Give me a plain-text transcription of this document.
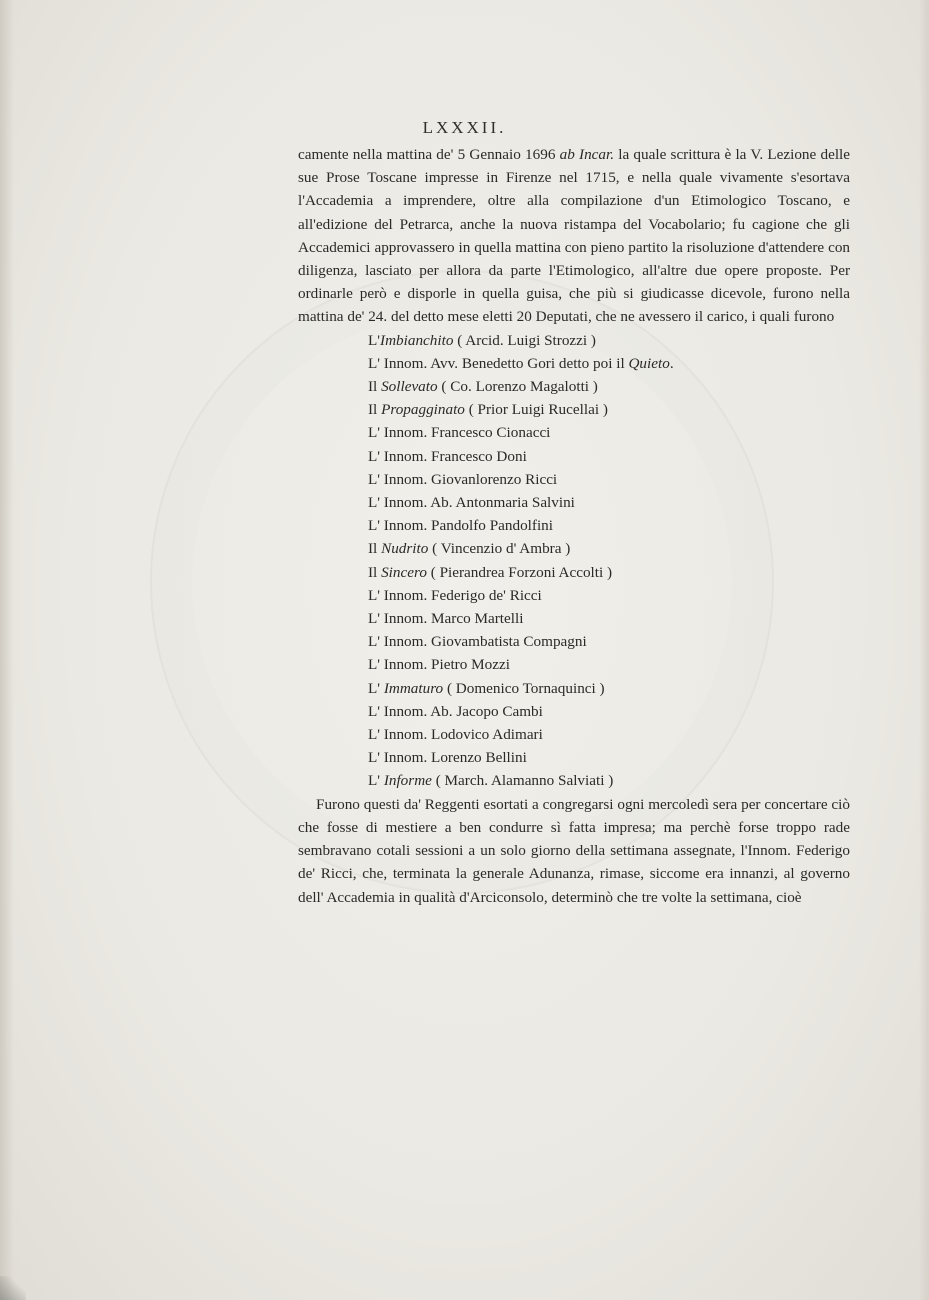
LXXXII.

camente nella mattina de' 5 Gennaio 1696 ab Incar. la quale scrittura è la V. Lezione delle sue Prose Toscane impresse in Firenze nel 1715, e nella quale vivamente s'esortava l'Accademia a imprendere, oltre alla compilazione d'un Etimologico Toscano, e all'edizione del Petrarca, anche la nuova ristampa del Vocabolario; fu cagione che gli Accademici approvassero in quella mattina con pieno partito la risoluzione d'attendere con diligenza, lasciato per allora da parte l'Etimologico, all'altre due opere proposte. Per ordinarle però e disporle in quella guisa, che più si giudicasse dicevole, furono nella mattina de' 24. del detto mese eletti 20 Deputati, che ne avessero il carico, i quali furono

L'Imbianchito ( Arcid. Luigi Strozzi )
L' Innom. Avv. Benedetto Gori detto poi il Quieto.
Il Sollevato ( Co. Lorenzo Magalotti )
Il Propagginato ( Prior Luigi Rucellai )
L' Innom. Francesco Cionacci
L' Innom. Francesco Doni
L' Innom. Giovanlorenzo Ricci
L' Innom. Ab. Antonmaria Salvini
L' Innom. Pandolfo Pandolfini
Il Nudrito ( Vincenzio d' Ambra )
Il Sincero ( Pierandrea Forzoni Accolti )
L' Innom. Federigo de' Ricci
L' Innom. Marco Martelli
L' Innom. Giovambatista Compagni
L' Innom. Pietro Mozzi
L' Immaturo ( Domenico Tornaquinci )
L' Innom. Ab. Jacopo Cambi
L' Innom. Lodovico Adimari
L' Innom. Lorenzo Bellini
L' Informe ( March. Alamanno Salviati )

Furono questi da' Reggenti esortati a congregarsi ogni mercoledì sera per concertare ciò che fosse di mestiere a ben condurre sì fatta impresa; ma perchè forse troppo rade sembravano cotali sessioni a un solo giorno della settimana assegnate, l'Innom. Federigo de' Ricci, che, terminata la generale Adunanza, rimase, siccome era innanzi, al governo dell' Accademia in qualità d'Arciconsolo, determinò che tre volte la settimana, cioè
